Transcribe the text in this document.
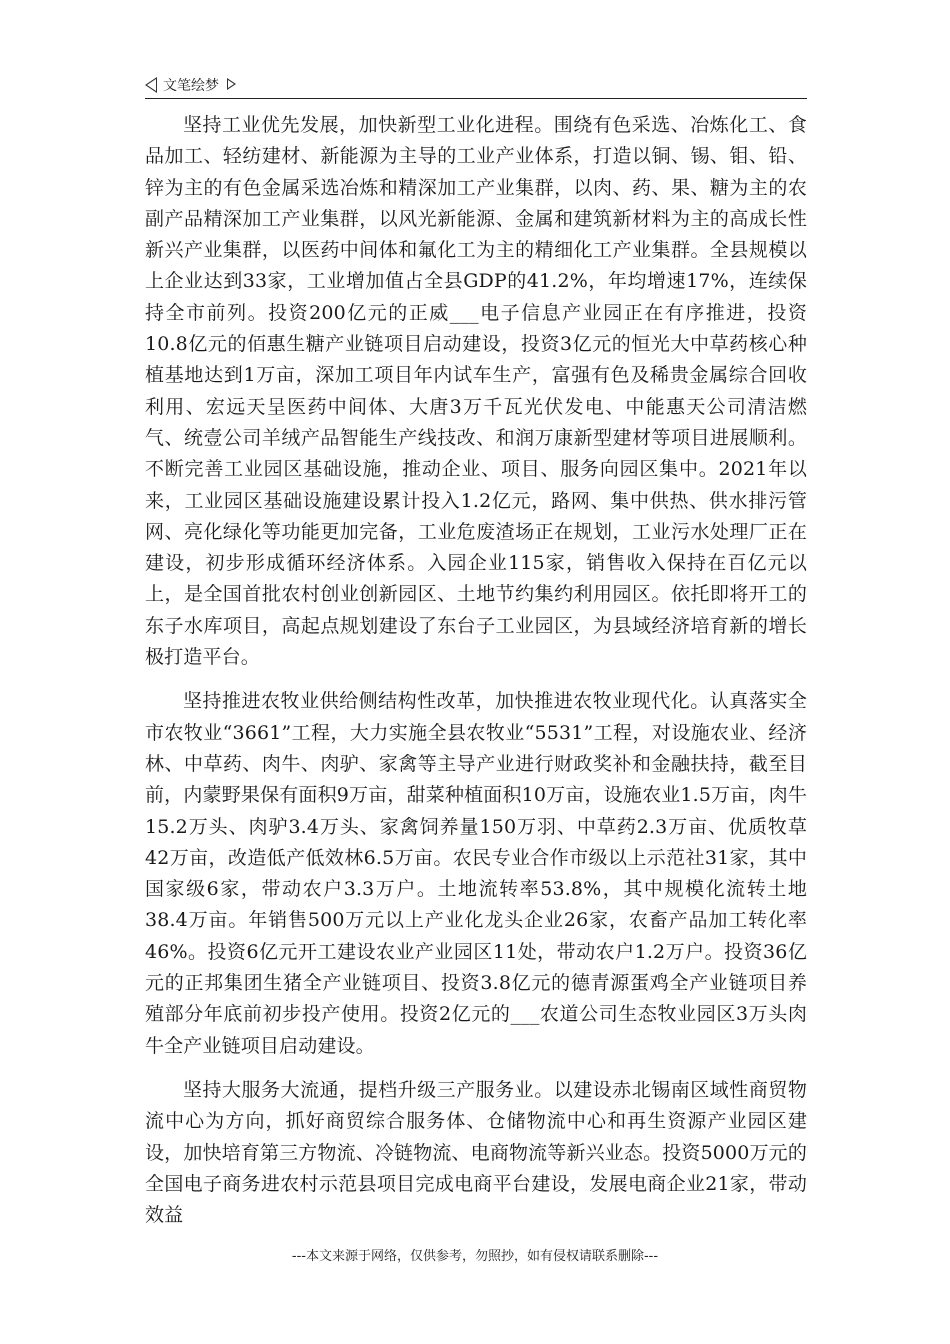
文笔绘梦

坚持工业优先发展，加快新型工业化进程。围绕有色采选、冶炼化工、食品加工、轻纺建材、新能源为主导的工业产业体系，打造以铜、锡、钼、铅、锌为主的有色金属采选冶炼和精深加工产业集群，以肉、药、果、糖为主的农副产品精深加工产业集群，以风光新能源、金属和建筑新材料为主的高成长性新兴产业集群，以医药中间体和氟化工为主的精细化工产业集群。全县规模以上企业达到33家，工业增加值占全县GDP的41.2%，年均增速17%，连续保持全市前列。投资200亿元的正威___电子信息产业园正在有序推进，投资10.8亿元的佰惠生糖产业链项目启动建设，投资3亿元的恒光大中草药核心种植基地达到1万亩，深加工项目年内试车生产，富强有色及稀贵金属综合回收利用、宏远天呈医药中间体、大唐3万千瓦光伏发电、中能惠天公司清洁燃气、统壹公司羊绒产品智能生产线技改、和润万康新型建材等项目进展顺利。不断完善工业园区基础设施，推动企业、项目、服务向园区集中。2021年以来，工业园区基础设施建设累计投入1.2亿元，路网、集中供热、供水排污管网、亮化绿化等功能更加完备，工业危废渣场正在规划，工业污水处理厂正在建设，初步形成循环经济体系。入园企业115家，销售收入保持在百亿元以上，是全国首批农村创业创新园区、土地节约集约利用园区。依托即将开工的东子水库项目，高起点规划建设了东台子工业园区，为县域经济培育新的增长极打造平台。

坚持推进农牧业供给侧结构性改革，加快推进农牧业现代化。认真落实全市农牧业“3661”工程，大力实施全县农牧业“5531”工程，对设施农业、经济林、中草药、肉牛、肉驴、家禽等主导产业进行财政奖补和金融扶持，截至目前，内蒙野果保有面积9万亩，甜菜种植面积10万亩，设施农业1.5万亩，肉牛15.2万头、肉驴3.4万头、家禽饲养量150万羽、中草药2.3万亩、优质牧草42万亩，改造低产低效林6.5万亩。农民专业合作市级以上示范社31家，其中国家级6家，带动农户3.3万户。土地流转率53.8%，其中规模化流转土地38.4万亩。年销售500万元以上产业化龙头企业26家，农畜产品加工转化率46%。投资6亿元开工建设农业产业园区11处，带动农户1.2万户。投资36亿元的正邦集团生猪全产业链项目、投资3.8亿元的德青源蛋鸡全产业链项目养殖部分年底前初步投产使用。投资2亿元的___农道公司生态牧业园区3万头肉牛全产业链项目启动建设。

坚持大服务大流通，提档升级三产服务业。以建设赤北锡南区域性商贸物流中心为方向，抓好商贸综合服务体、仓储物流中心和再生资源产业园区建设，加快培育第三方物流、冷链物流、电商物流等新兴业态。投资5000万元的全国电子商务进农村示范县项目完成电商平台建设，发展电商企业21家，带动效益

---本文来源于网络，仅供参考，勿照抄，如有侵权请联系删除---
